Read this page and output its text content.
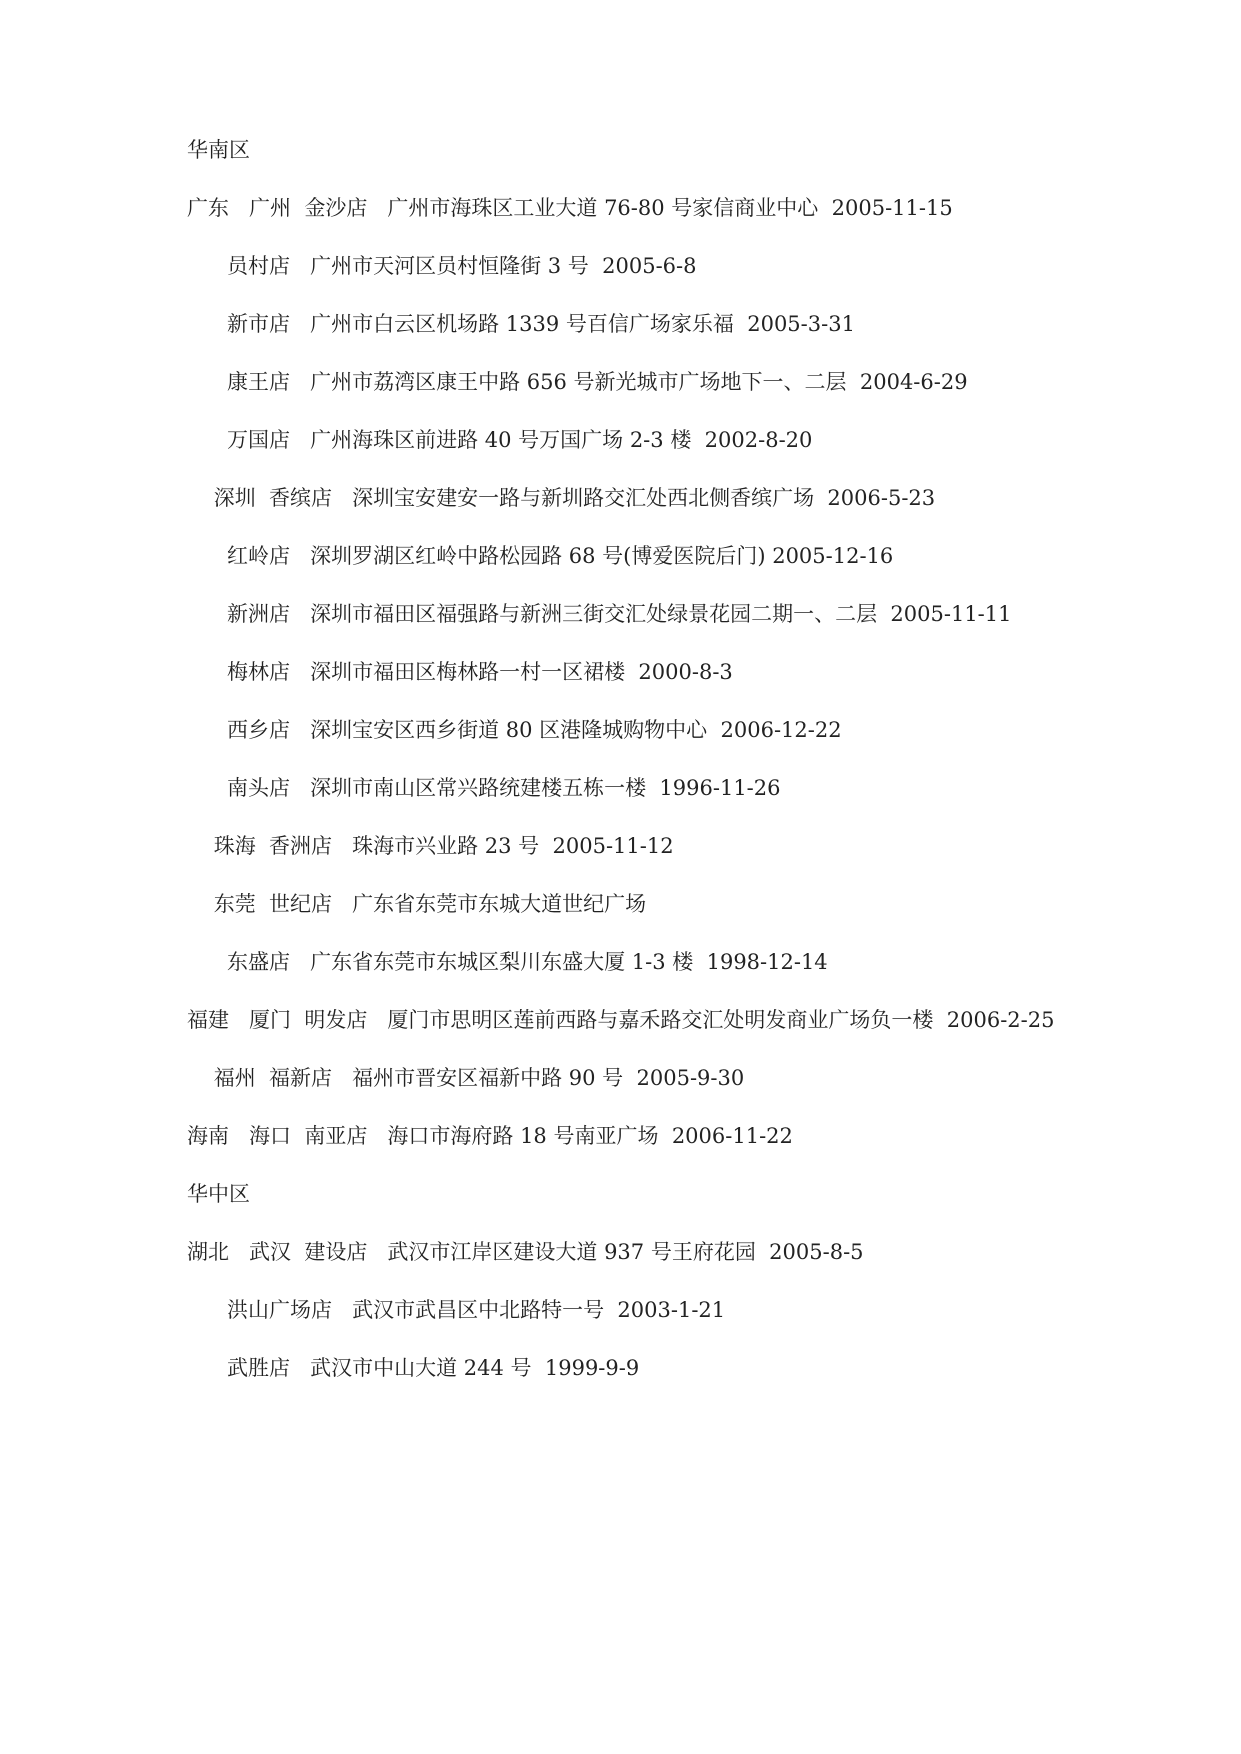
华南区
广东   广州  金沙店   广州市海珠区工业大道 76-80 号家信商业中心  2005-11-15
员村店   广州市天河区员村恒隆街 3 号  2005-6-8
新市店   广州市白云区机场路 1339 号百信广场家乐福  2005-3-31
康王店   广州市荔湾区康王中路 656 号新光城市广场地下一、二层  2004-6-29
万国店   广州海珠区前进路 40 号万国广场 2-3 楼  2002-8-20
深圳  香缤店   深圳宝安建安一路与新圳路交汇处西北侧香缤广场  2006-5-23
红岭店   深圳罗湖区红岭中路松园路 68 号(博爱医院后门) 2005-12-16
新洲店   深圳市福田区福强路与新洲三街交汇处绿景花园二期一、二层  2005-11-11
梅林店   深圳市福田区梅林路一村一区裙楼  2000-8-3
西乡店   深圳宝安区西乡街道 80 区港隆城购物中心  2006-12-22
南头店   深圳市南山区常兴路统建楼五栋一楼  1996-11-26
珠海  香洲店   珠海市兴业路 23 号  2005-11-12
东莞  世纪店   广东省东莞市东城大道世纪广场
东盛店   广东省东莞市东城区梨川东盛大厦 1-3 楼  1998-12-14
福建   厦门  明发店   厦门市思明区莲前西路与嘉禾路交汇处明发商业广场负一楼  2006-2-25
福州  福新店   福州市晋安区福新中路 90 号  2005-9-30
海南   海口  南亚店   海口市海府路 18 号南亚广场  2006-11-22
华中区
湖北   武汉  建设店   武汉市江岸区建设大道 937 号王府花园  2005-8-5
洪山广场店   武汉市武昌区中北路特一号  2003-1-21
武胜店   武汉市中山大道 244 号  1999-9-9
